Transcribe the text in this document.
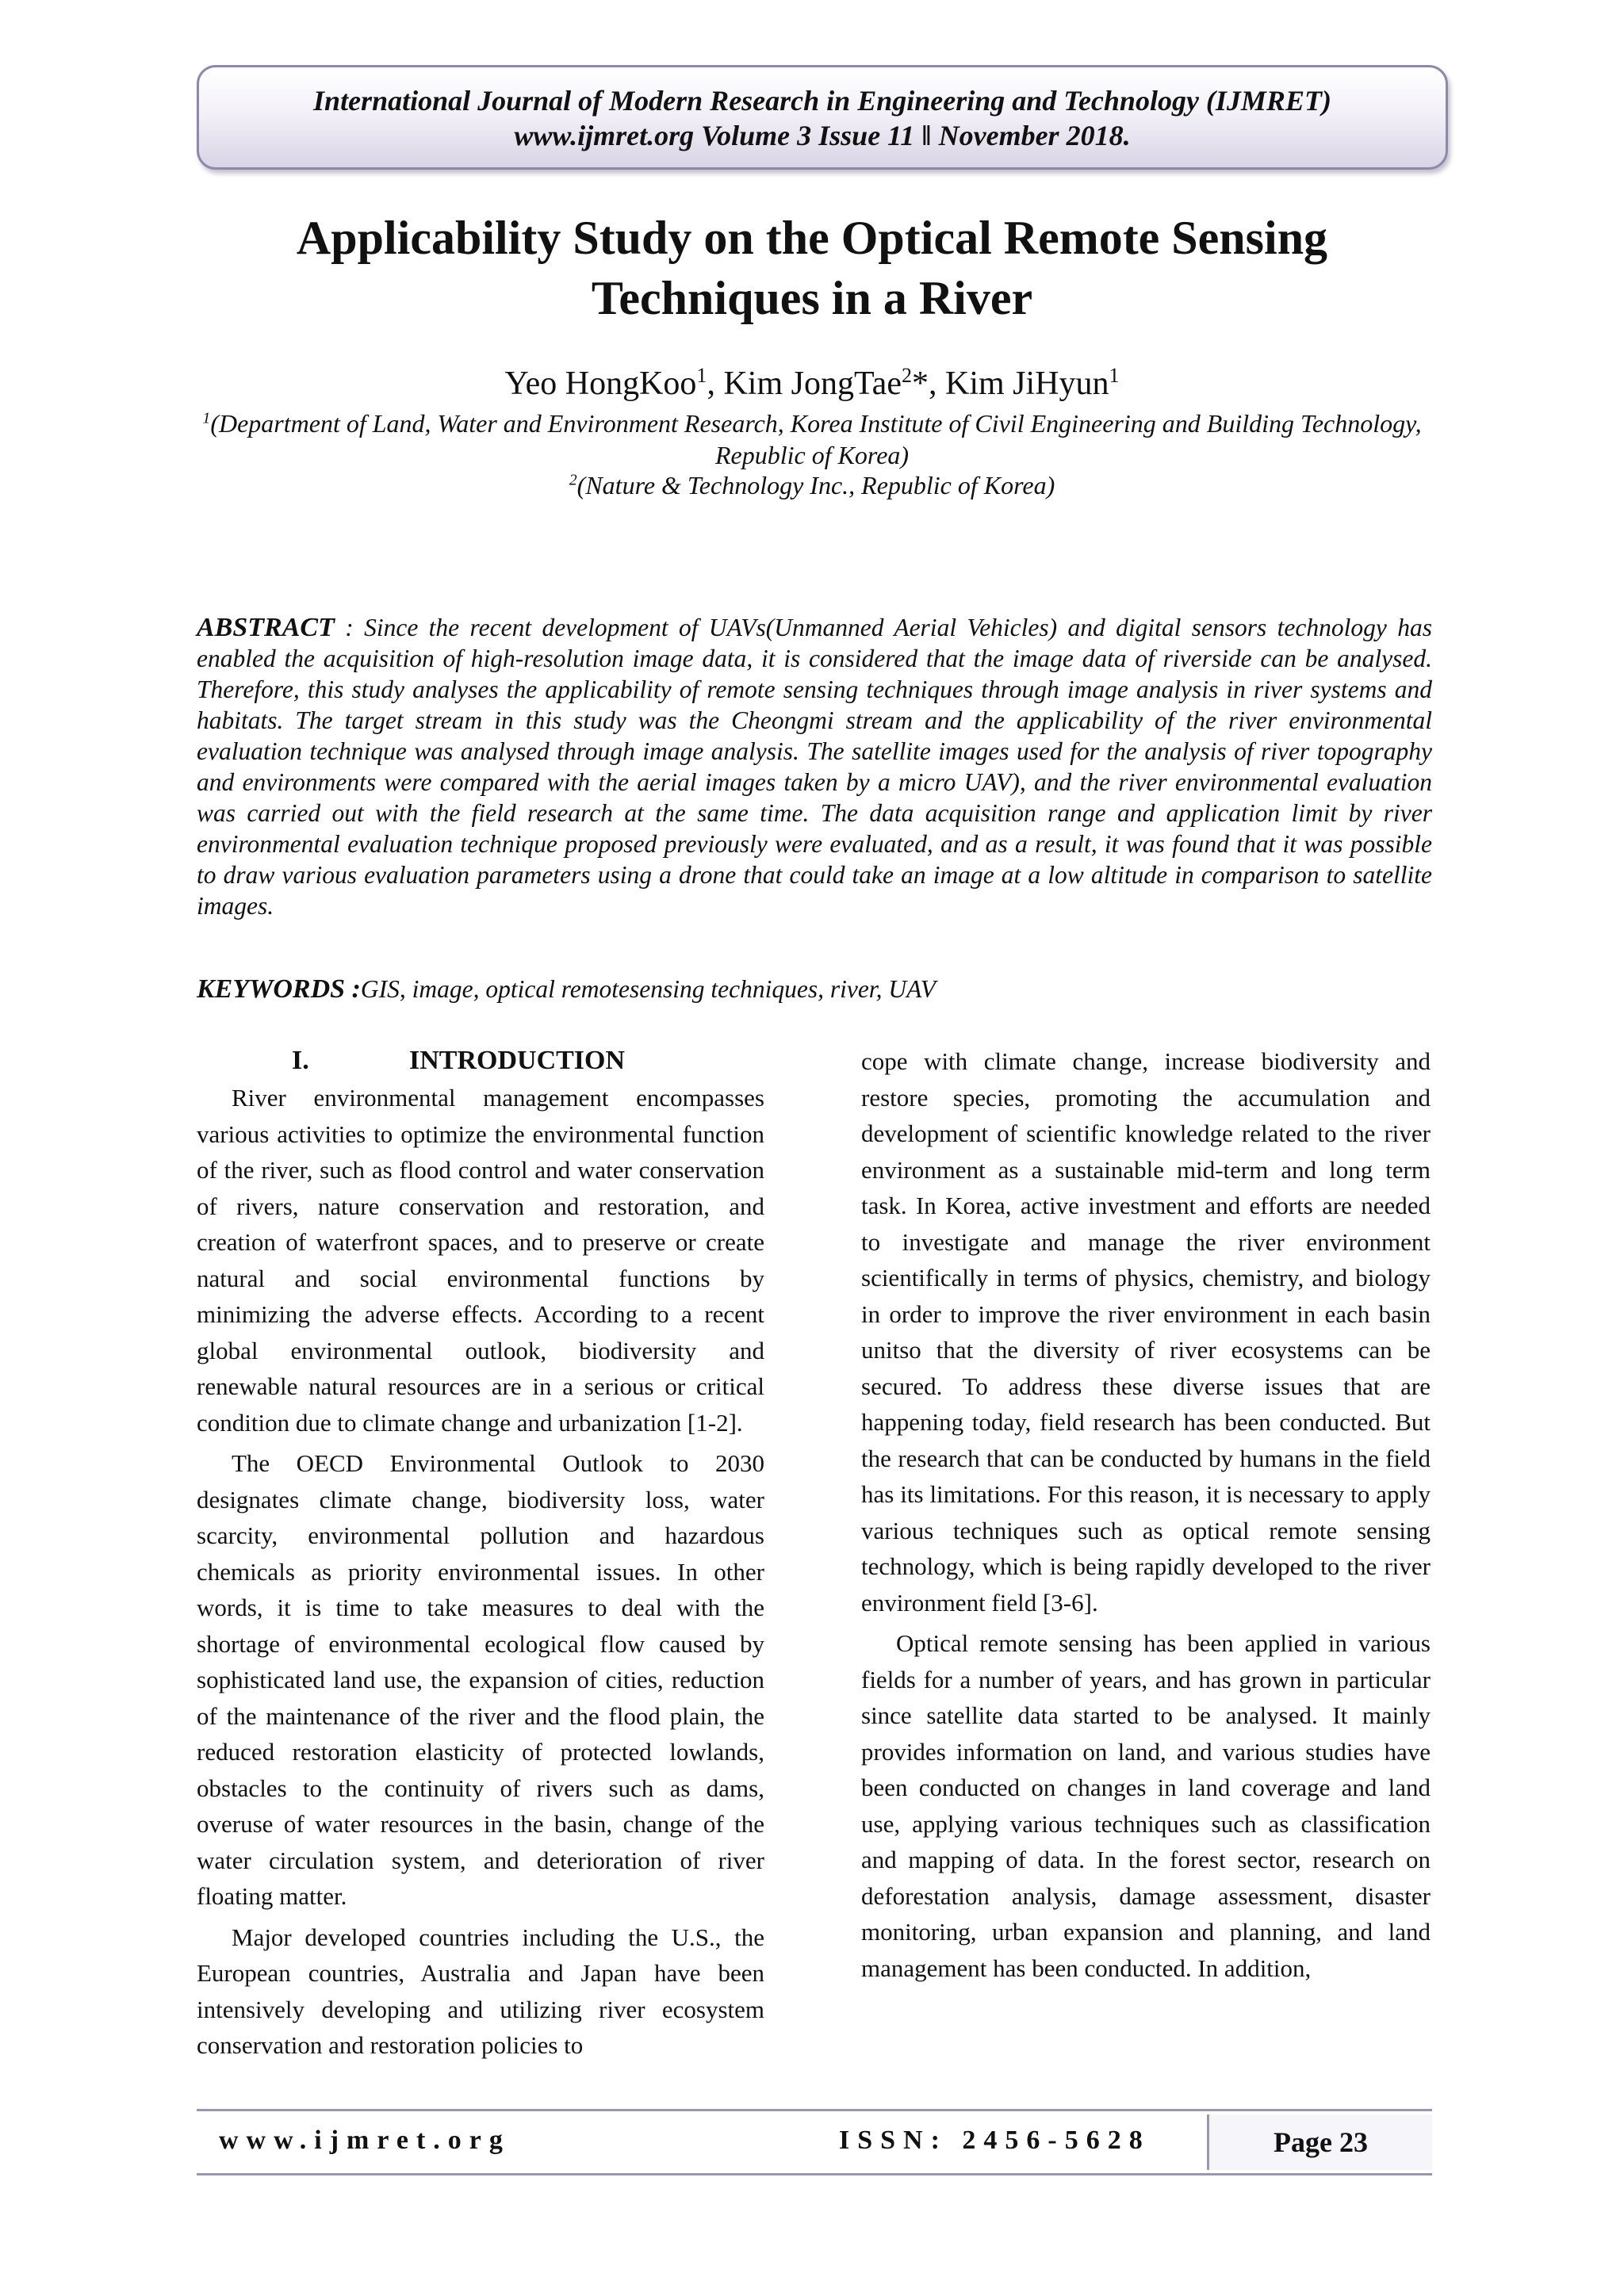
International Journal of Modern Research in Engineering and Technology (IJMRET)
www.ijmret.org Volume 3 Issue 11 ǁ November 2018.
Applicability Study on the Optical Remote Sensing
Techniques in a River
Yeo HongKoo$^1$, Kim JongTae$^2$*, Kim JiHyun$^1$
$^1$(Department of Land, Water and Environment Research, Korea Institute of Civil Engineering and Building Technology, Republic of Korea)
$^2$(Nature & Technology Inc., Republic of Korea)

ABSTRACT : Since the recent development of UAVs(Unmanned Aerial Vehicles) and digital sensors technology has enabled the acquisition of high-resolution image data, it is considered that the image data of riverside can be analysed. Therefore, this study analyses the applicability of remote sensing techniques through image analysis in river systems and habitats. The target stream in this study was the Cheongmi stream and the applicability of the river environmental evaluation technique was analysed through image analysis. The satellite images used for the analysis of river topography and environments were compared with the aerial images taken by a micro UAV), and the river environmental evaluation was carried out with the field research at the same time. The data acquisition range and application limit by river environmental evaluation technique proposed previously were evaluated, and as a result, it was found that it was possible to draw various evaluation parameters using a drone that could take an image at a low altitude in comparison to satellite images.

KEYWORDS :GIS, image, optical remotesensing techniques, river, UAV

I.	INTRODUCTION

River environmental management encompasses various activities to optimize the environmental function of the river, such as flood control and water conservation of rivers, nature conservation and restoration, and creation of waterfront spaces, and to preserve or create natural and social environmental functions by minimizing the adverse effects. According to a recent global environmental outlook, biodiversity and renewable natural resources are in a serious or critical condition due to climate change and urbanization [1-2].

The OECD Environmental Outlook to 2030 designates climate change, biodiversity loss, water scarcity, environmental pollution and hazardous chemicals as priority environmental issues. In other words, it is time to take measures to deal with the shortage of environmental ecological flow caused by sophisticated land use, the expansion of cities, reduction of the maintenance of the river and the flood plain, the reduced restoration elasticity of protected lowlands, obstacles to the continuity of rivers such as dams, overuse of water resources in the basin, change of the water circulation system, and deterioration of river floating matter.

Major developed countries including the U.S., the European countries, Australia and Japan have been intensively developing and utilizing river ecosystem conservation and restoration policies to

cope with climate change, increase biodiversity and restore species, promoting the accumulation and development of scientific knowledge related to the river environment as a sustainable mid-term and long term task. In Korea, active investment and efforts are needed to investigate and manage the river environment scientifically in terms of physics, chemistry, and biology in order to improve the river environment in each basin unitso that the diversity of river ecosystems can be secured. To address these diverse issues that are happening today, field research has been conducted. But the research that can be conducted by humans in the field has its limitations. For this reason, it is necessary to apply various techniques such as optical remote sensing technology, which is being rapidly developed to the river environment field [3-6].

Optical remote sensing has been applied in various fields for a number of years, and has grown in particular since satellite data started to be analysed. It mainly provides information on land, and various studies have been conducted on changes in land coverage and land use, applying various techniques such as classification and mapping of data. In the forest sector, research on deforestation analysis, damage assessment, disaster monitoring, urban expansion and planning, and land management has been conducted. In addition,

www.ijmret.org	ISSN: 2456-5628	Page 23
